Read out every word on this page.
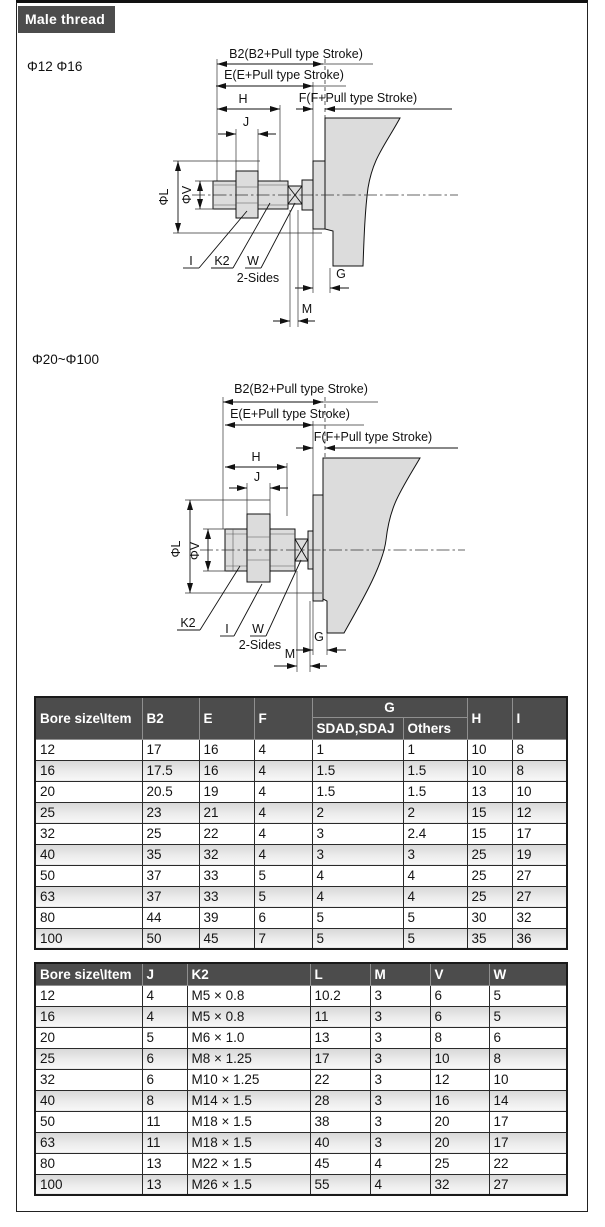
Male thread
Φ12 Φ16
Φ20~Φ100
B2(B2+Pull type Stroke)
E(E+Pull type Stroke)
H	F(F+Pull type Stroke)
J
ΦL ΦV
I K2 W
2-Sides	G
M
B2(B2+Pull type Stroke)
E(E+Pull type Stroke)
F(F+Pull type Stroke)
H
J
ΦL ΦV
K2 I W
2-Sides
G
M
Bore size\Item	B2	E	F	G		H	I
				SDAD,SDAJ	Others		
12	17	16	4	1	1	10	8
16	17.5	16	4	1.5	1.5	10	8
20	20.5	19	4	1.5	1.5	13	10
25	23	21	4	2	2	15	12
32	25	22	4	3	2.4	15	17
40	35	32	4	3	3	25	19
50	37	33	5	4	4	25	27
63	37	33	5	4	4	25	27
80	44	39	6	5	5	30	32
100	50	45	7	5	5	35	36
Bore size\Item	J	K2	L	M	V	W
12	4	M5 × 0.8	10.2	3	6	5
16	4	M5 × 0.8	11	3	6	5
20	5	M6 × 1.0	13	3	8	6
25	6	M8 × 1.25	17	3	10	8
32	6	M10 × 1.25	22	3	12	10
40	8	M14 × 1.5	28	3	16	14
50	11	M18 × 1.5	38	3	20	17
63	11	M18 × 1.5	40	3	20	17
80	13	M22 × 1.5	45	4	25	22
100	13	M26 × 1.5	55	4	32	27
